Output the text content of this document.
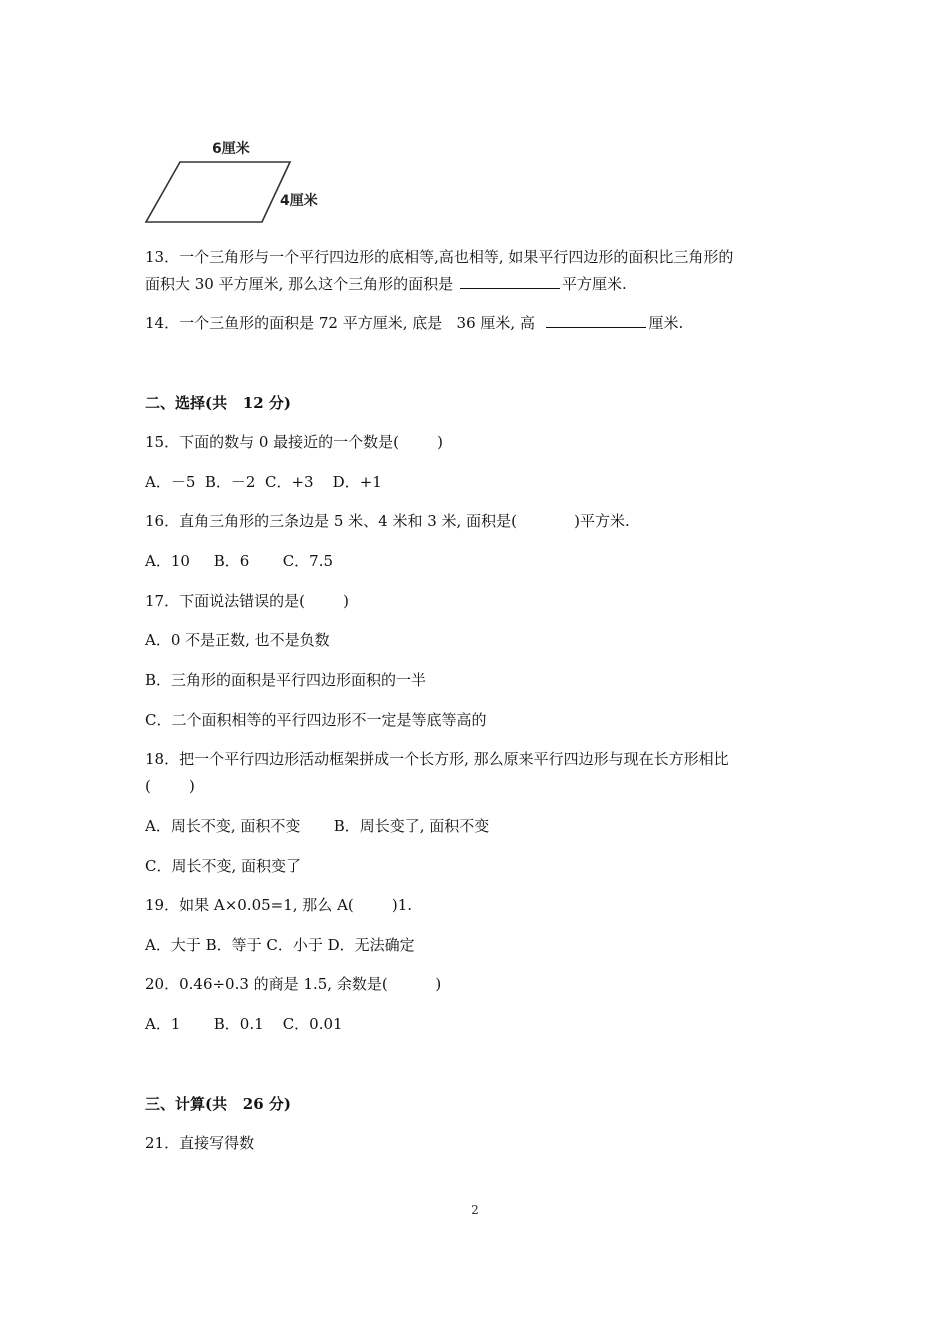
6厘米
4厘米
13．一个三角形与一个平行四边形的底相等,高也相等, 如果平行四边形的面积比三角形的
面积大 30 平方厘米, 那么这个三角形的面积是	平方厘米.
14．一个三鱼形的面积是 72 平方厘米, 底是   36 厘米, 高	厘米.
二、选择(共   12 分)
15．下面的数与 0 最接近的一个数是(        )
A．－5  B．－2  C．+3    D．+1
16．直角三角形的三条边是 5 米、4 米和 3 米, 面积是(            )平方米.
A．10     B．6       C．7.5
17．下面说法错误的是(        )
A．0 不是正数, 也不是负数
B．三角形的面积是平行四边形面积的一半
C．二个面积相等的平行四边形不一定是等底等高的
18．把一个平行四边形活动框架拼成一个长方形, 那么原来平行四边形与现在长方形相比
(        )
A．周长不变, 面积不变       B．周长变了, 面积不变
C．周长不变, 面积变了
19．如果 A×0.05=1, 那么 A(        )1.
A．大于 B．等于 C．小于 D．无法确定
20．0.46÷0.3 的商是 1.5, 余数是(          )
A．1       B．0.1    C．0.01
三、计算(共   26 分)
21．直接写得数
2
